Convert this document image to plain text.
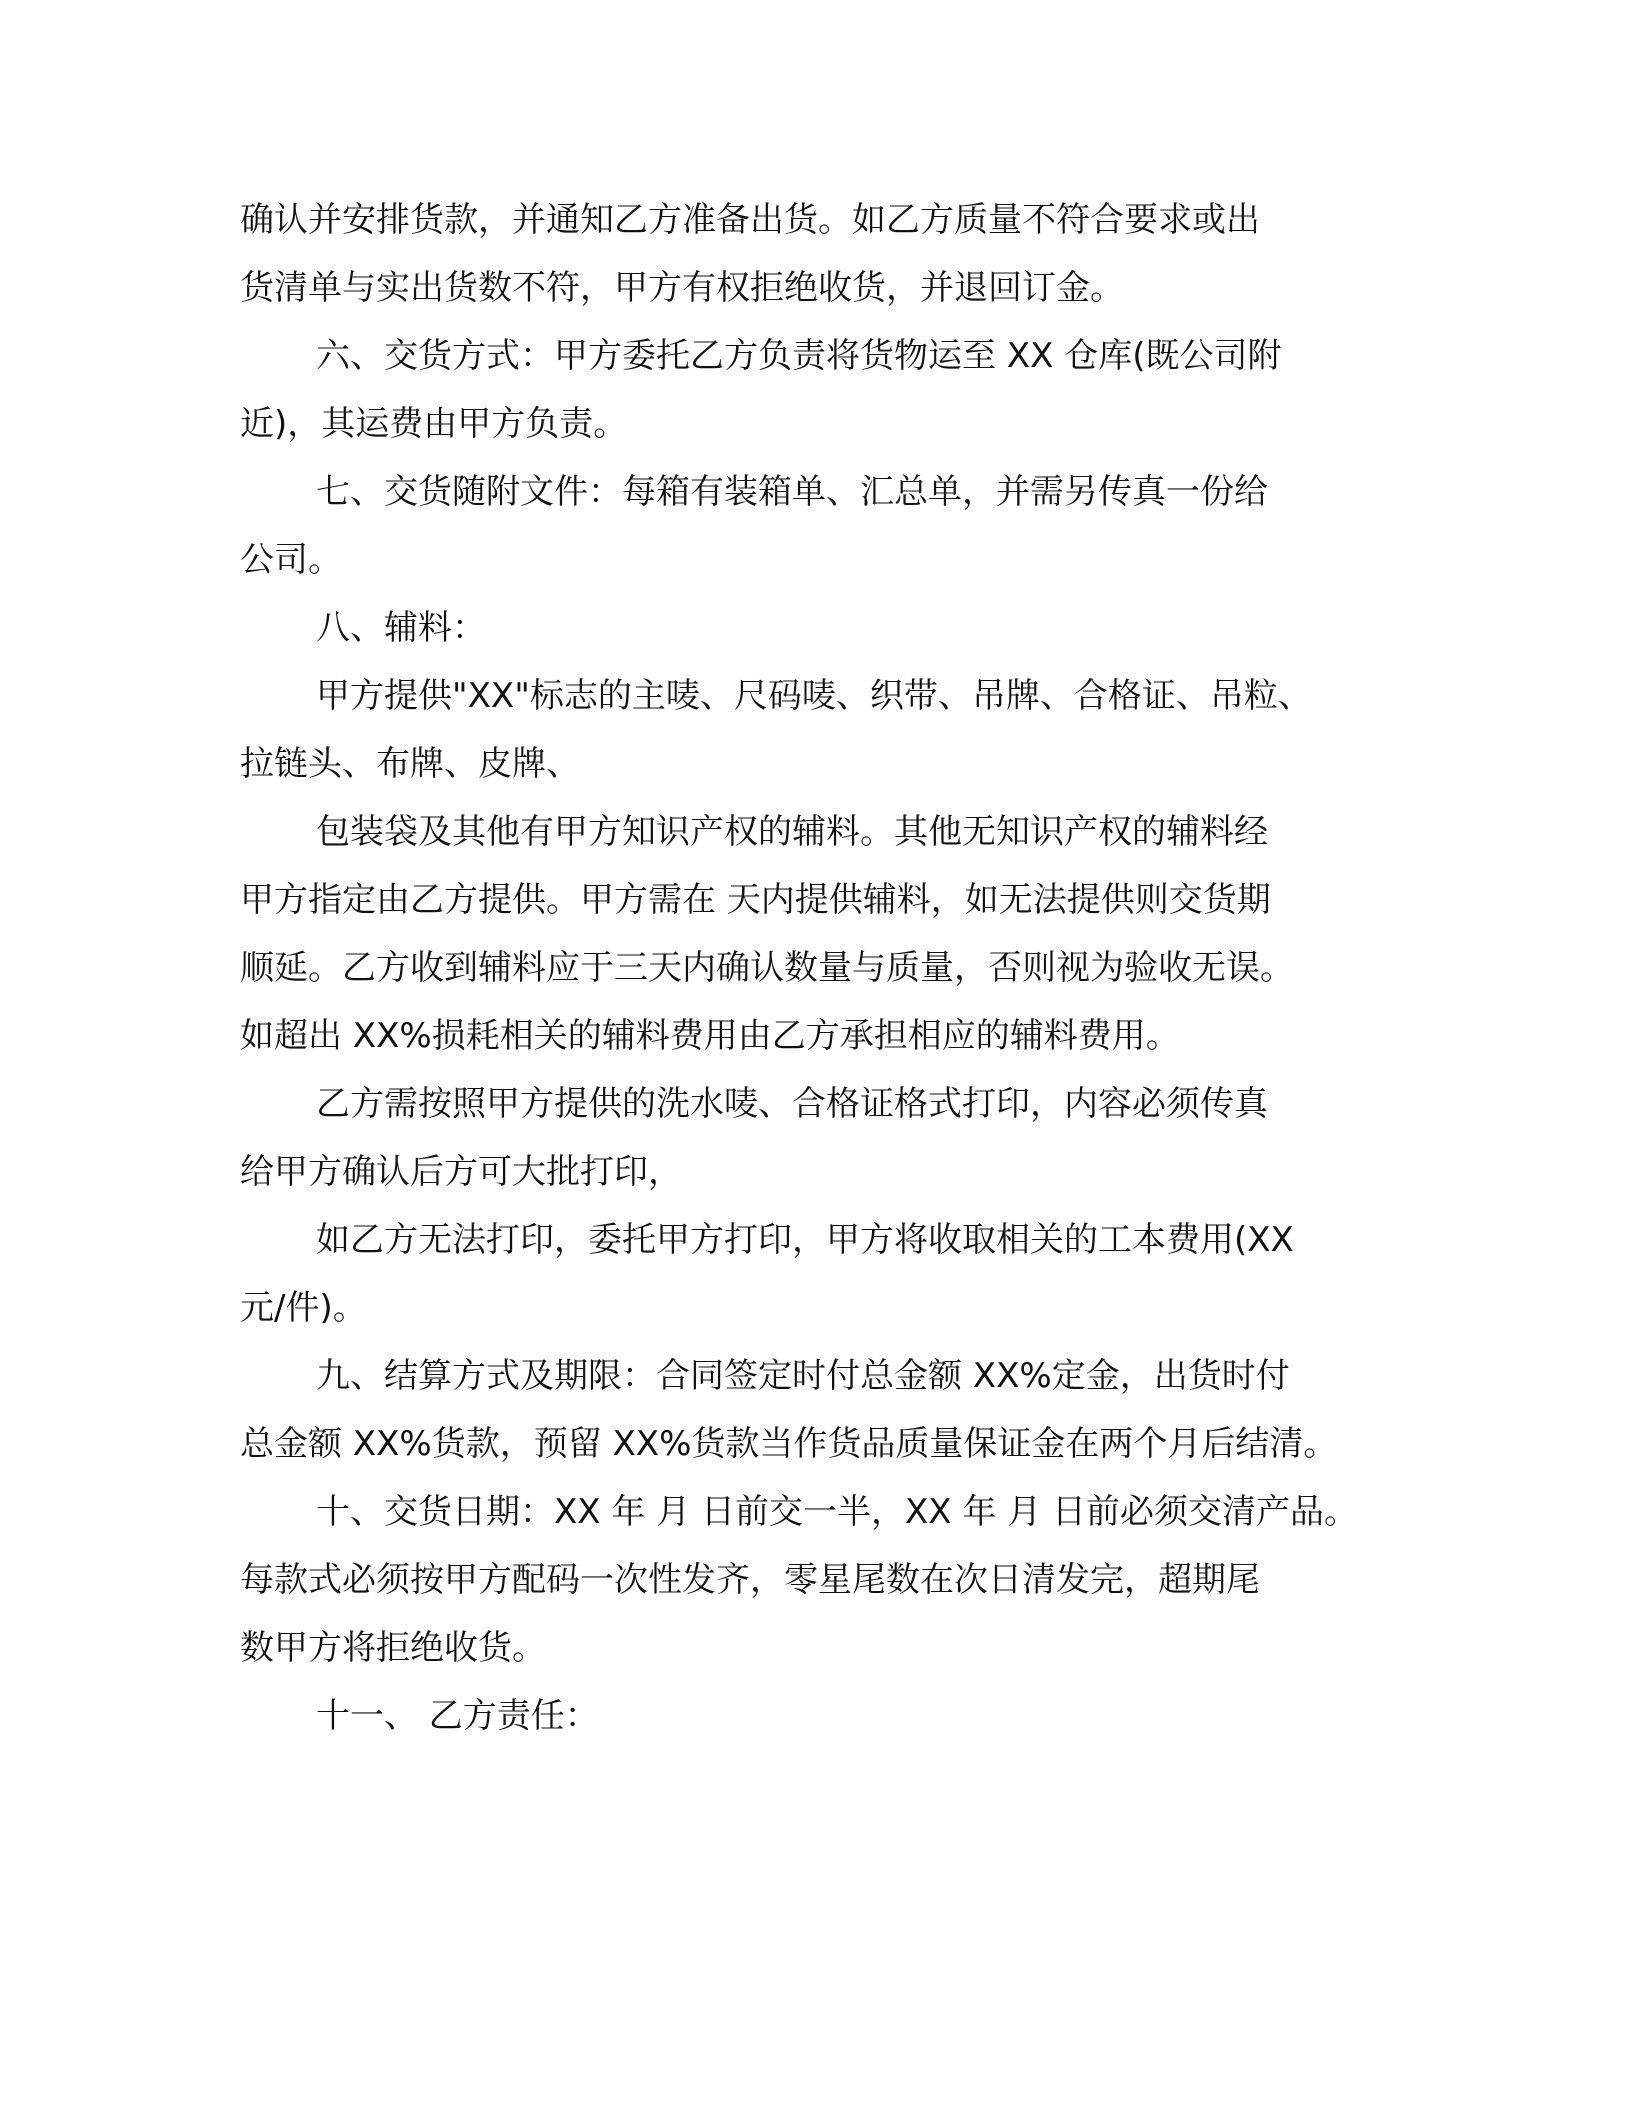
确认并安排货款，并通知乙方准备出货。如乙方质量不符合要求或出
货清单与实出货数不符，甲方有权拒绝收货，并退回订金。
六、交货方式：甲方委托乙方负责将货物运至 XX 仓库(既公司附
近)，其运费由甲方负责。
七、交货随附文件：每箱有装箱单、汇总单，并需另传真一份给
公司。
八、辅料：
甲方提供"XX"标志的主唛、尺码唛、织带、吊牌、合格证、吊粒、
拉链头、布牌、皮牌、
包装袋及其他有甲方知识产权的辅料。其他无知识产权的辅料经
甲方指定由乙方提供。甲方需在 天内提供辅料，如无法提供则交货期
顺延。乙方收到辅料应于三天内确认数量与质量，否则视为验收无误。
如超出 XX%损耗相关的辅料费用由乙方承担相应的辅料费用。
乙方需按照甲方提供的洗水唛、合格证格式打印，内容必须传真
给甲方确认后方可大批打印，
如乙方无法打印，委托甲方打印，甲方将收取相关的工本费用(XX
元/件)。
九、结算方式及期限：合同签定时付总金额 XX%定金，出货时付
总金额 XX%货款，预留 XX%货款当作货品质量保证金在两个月后结清。
十、交货日期：XX 年 月 日前交一半，XX 年 月 日前必须交清产品。
每款式必须按甲方配码一次性发齐，零星尾数在次日清发完，超期尾
数甲方将拒绝收货。
十一、 乙方责任：
